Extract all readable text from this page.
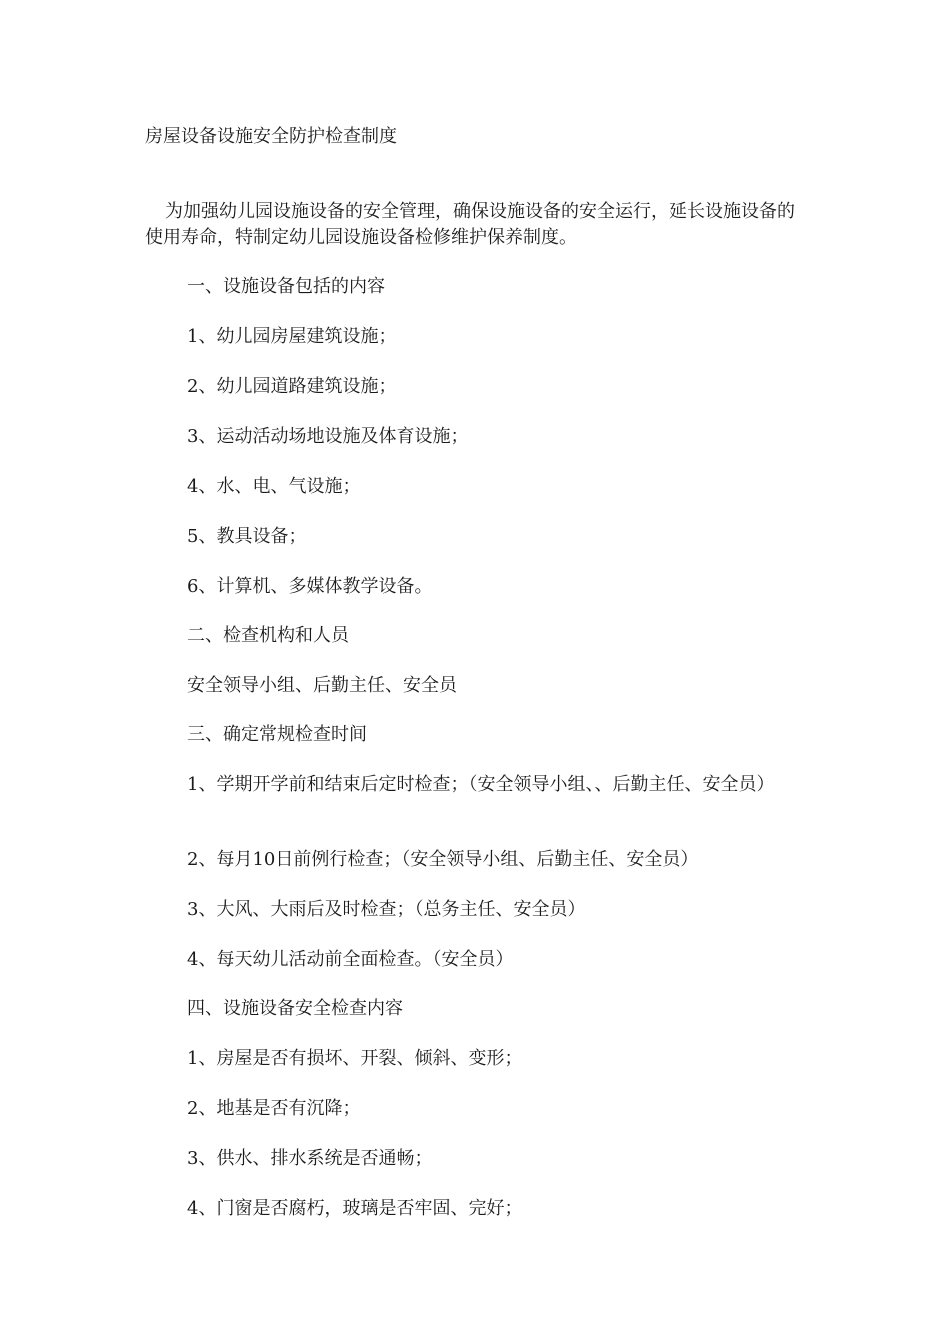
房屋设备设施安全防护检查制度

为加强幼儿园设施设备的安全管理，确保设施设备的安全运行，延长设施设备的使用寿命，特制定幼儿园设施设备检修维护保养制度。

一、设施设备包括的内容

1、幼儿园房屋建筑设施；

2、幼儿园道路建筑设施；

3、运动活动场地设施及体育设施；

4、水、电、气设施；

5、教具设备；

6、计算机、多媒体教学设备。

二、检查机构和人员

安全领导小组、后勤主任、安全员

三、确定常规检查时间

1、学期开学前和结束后定时检查；（安全领导小组、、后勤主任、安全员）

2、每月10日前例行检查；（安全领导小组、后勤主任、安全员）

3、大风、大雨后及时检查；（总务主任、安全员）

4、每天幼儿活动前全面检查。（安全员）

四、设施设备安全检查内容

1、房屋是否有损坏、开裂、倾斜、变形；

2、地基是否有沉降；

3、供水、排水系统是否通畅；

4、门窗是否腐朽，玻璃是否牢固、完好；
